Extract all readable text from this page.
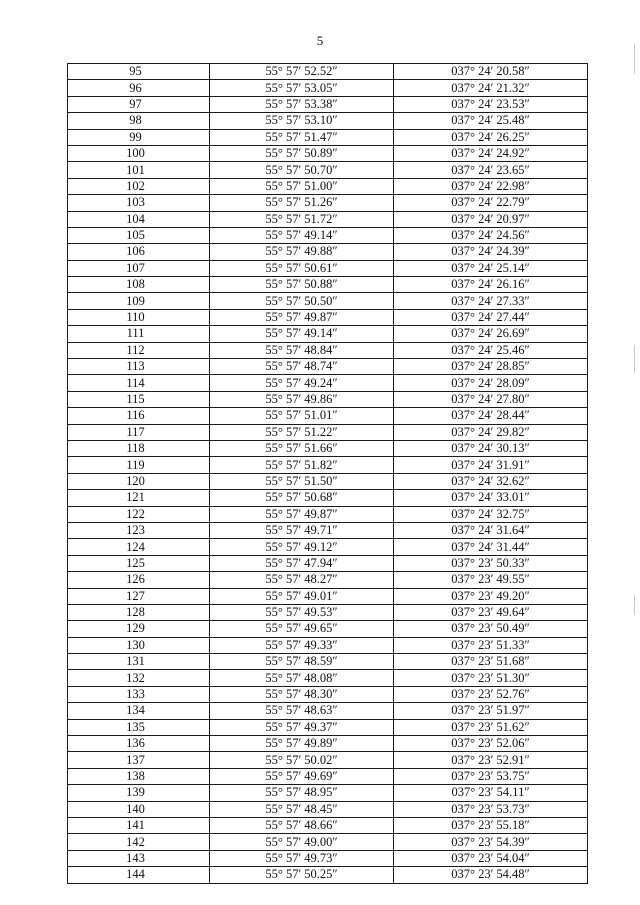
5
95	55° 57′ 52.52″	037° 24′ 20.58″
96	55° 57′ 53.05″	037° 24′ 21.32″
97	55° 57′ 53.38″	037° 24′ 23.53″
98	55° 57′ 53.10″	037° 24′ 25.48″
99	55° 57′ 51.47″	037° 24′ 26.25″
100	55° 57′ 50.89″	037° 24′ 24.92″
101	55° 57′ 50.70″	037° 24′ 23.65″
102	55° 57′ 51.00″	037° 24′ 22.98″
103	55° 57′ 51.26″	037° 24′ 22.79″
104	55° 57′ 51.72″	037° 24′ 20.97″
105	55° 57′ 49.14″	037° 24′ 24.56″
106	55° 57′ 49.88″	037° 24′ 24.39″
107	55° 57′ 50.61″	037° 24′ 25.14″
108	55° 57′ 50.88″	037° 24′ 26.16″
109	55° 57′ 50.50″	037° 24′ 27.33″
110	55° 57′ 49.87″	037° 24′ 27.44″
111	55° 57′ 49.14″	037° 24′ 26.69″
112	55° 57′ 48.84″	037° 24′ 25.46″
113	55° 57′ 48.74″	037° 24′ 28.85″
114	55° 57′ 49.24″	037° 24′ 28.09″
115	55° 57′ 49.86″	037° 24′ 27.80″
116	55° 57′ 51.01″	037° 24′ 28.44″
117	55° 57′ 51.22″	037° 24′ 29.82″
118	55° 57′ 51.66″	037° 24′ 30.13″
119	55° 57′ 51.82″	037° 24′ 31.91″
120	55° 57′ 51.50″	037° 24′ 32.62″
121	55° 57′ 50.68″	037° 24′ 33.01″
122	55° 57′ 49.87″	037° 24′ 32.75″
123	55° 57′ 49.71″	037° 24′ 31.64″
124	55° 57′ 49.12″	037° 24′ 31.44″
125	55° 57′ 47.94″	037° 23′ 50.33″
126	55° 57′ 48.27″	037° 23′ 49.55″
127	55° 57′ 49.01″	037° 23′ 49.20″
128	55° 57′ 49.53″	037° 23′ 49.64″
129	55° 57′ 49.65″	037° 23′ 50.49″
130	55° 57′ 49.33″	037° 23′ 51.33″
131	55° 57′ 48.59″	037° 23′ 51.68″
132	55° 57′ 48.08″	037° 23′ 51.30″
133	55° 57′ 48.30″	037° 23′ 52.76″
134	55° 57′ 48.63″	037° 23′ 51.97″
135	55° 57′ 49.37″	037° 23′ 51.62″
136	55° 57′ 49.89″	037° 23′ 52.06″
137	55° 57′ 50.02″	037° 23′ 52.91″
138	55° 57′ 49.69″	037° 23′ 53.75″
139	55° 57′ 48.95″	037° 23′ 54.11″
140	55° 57′ 48.45″	037° 23′ 53.73″
141	55° 57′ 48.66″	037° 23′ 55.18″
142	55° 57′ 49.00″	037° 23′ 54.39″
143	55° 57′ 49.73″	037° 23′ 54.04″
144	55° 57′ 50.25″	037° 23′ 54.48″
